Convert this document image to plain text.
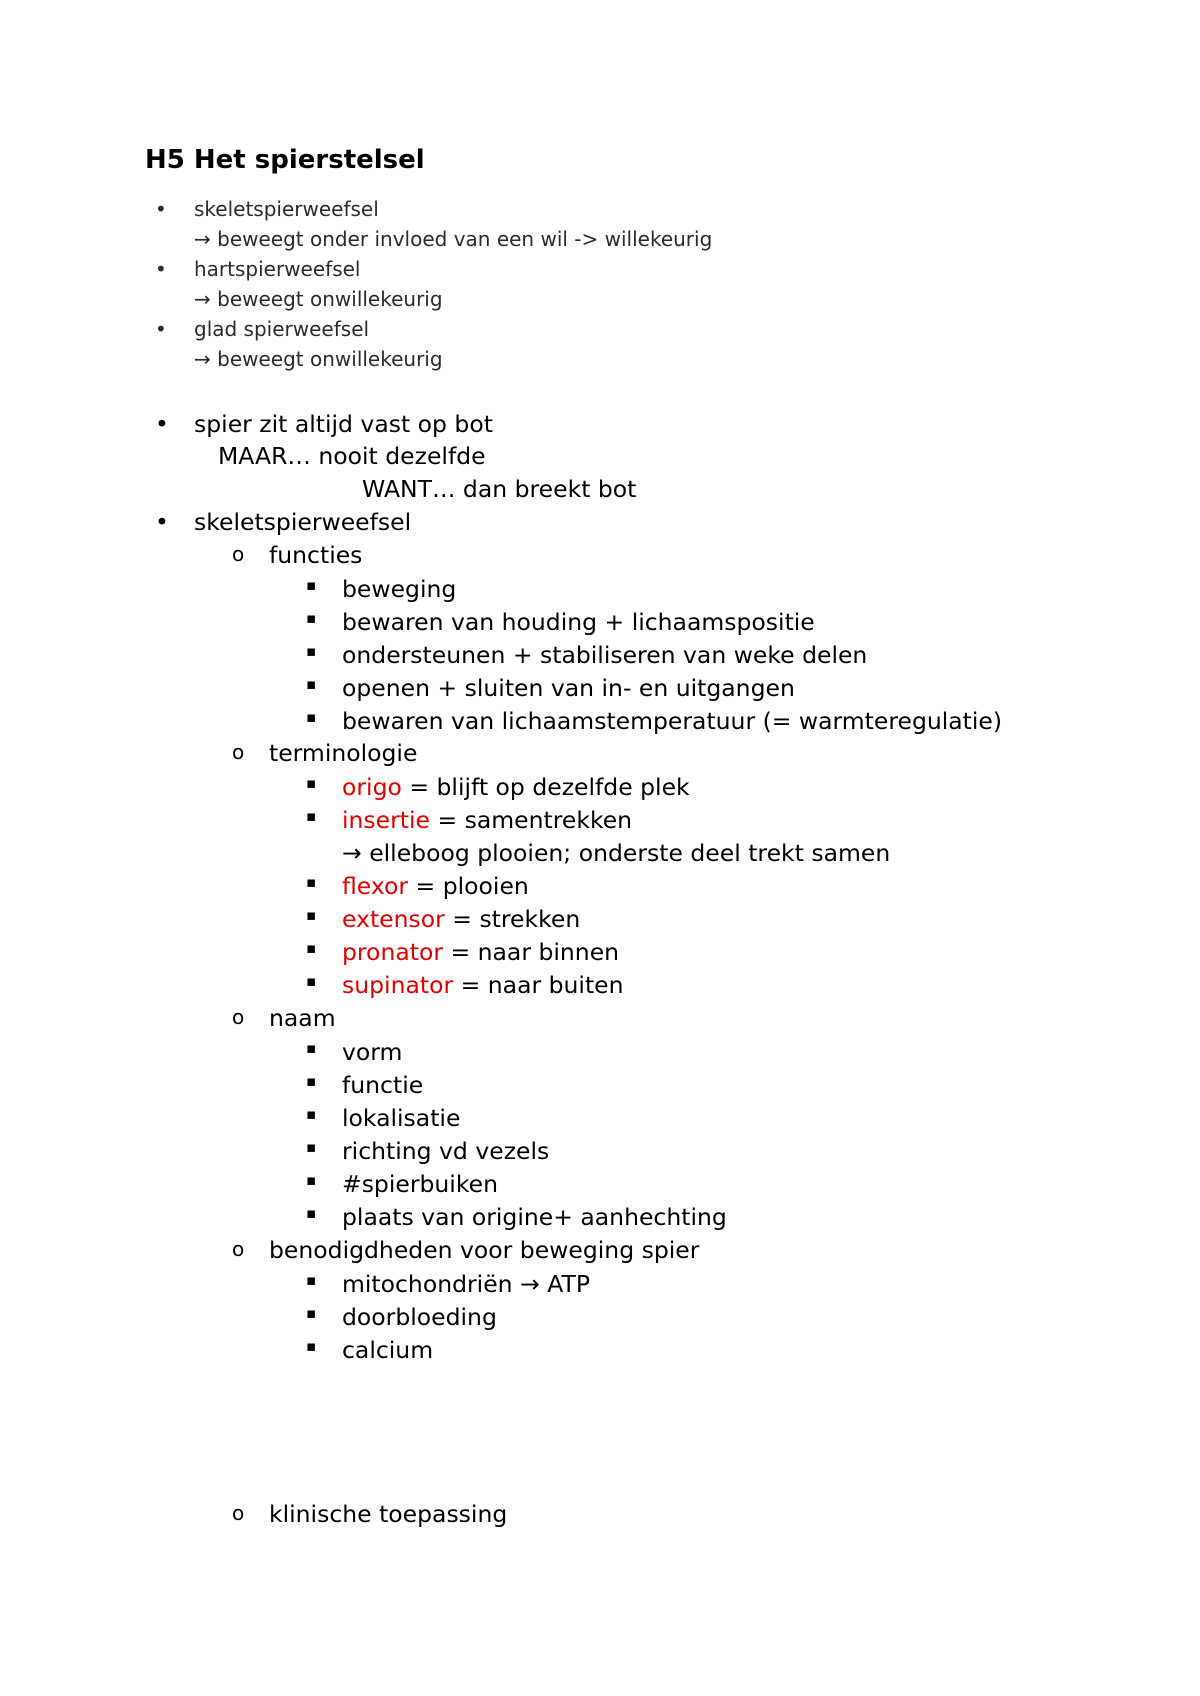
H5 Het spierstelsel
• skeletspierweefsel
→ beweegt onder invloed van een wil -> willekeurig
• hartspierweefsel
→ beweegt onwillekeurig
• glad spierweefsel
→ beweegt onwillekeurig
• spier zit altijd vast op bot
MAAR… nooit dezelfde
WANT… dan breekt bot
• skeletspierweefsel
o functies
▪ beweging
▪ bewaren van houding + lichaamspositie
▪ ondersteunen + stabiliseren van weke delen
▪ openen + sluiten van in- en uitgangen
▪ bewaren van lichaamstemperatuur (= warmteregulatie)
o terminologie
▪ origo = blijft op dezelfde plek
▪ insertie = samentrekken
→ elleboog plooien; onderste deel trekt samen
▪ flexor = plooien
▪ extensor = strekken
▪ pronator = naar binnen
▪ supinator = naar buiten
o naam
▪ vorm
▪ functie
▪ lokalisatie
▪ richting vd vezels
▪ #spierbuiken
▪ plaats van origine+ aanhechting
o benodigdheden voor beweging spier
▪ mitochondriën → ATP
▪ doorbloeding
▪ calcium
o klinische toepassing
